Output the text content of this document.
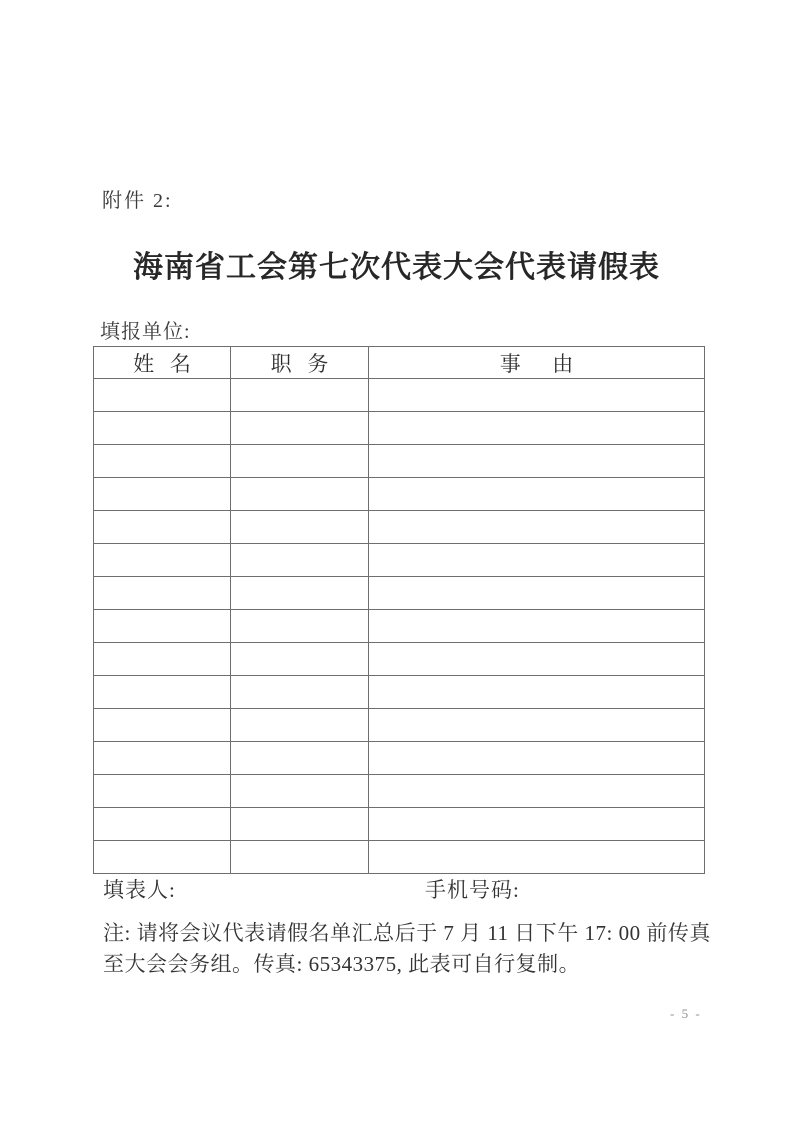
附件 2:
海南省工会第七次代表大会代表请假表
填报单位:
姓   名	职   务	事      由

填表人:	手机号码:
注: 请将会议代表请假名单汇总后于 7 月 11 日下午 17: 00 前传真
至大会会务组。传真: 65343375, 此表可自行复制。
- 5 -
